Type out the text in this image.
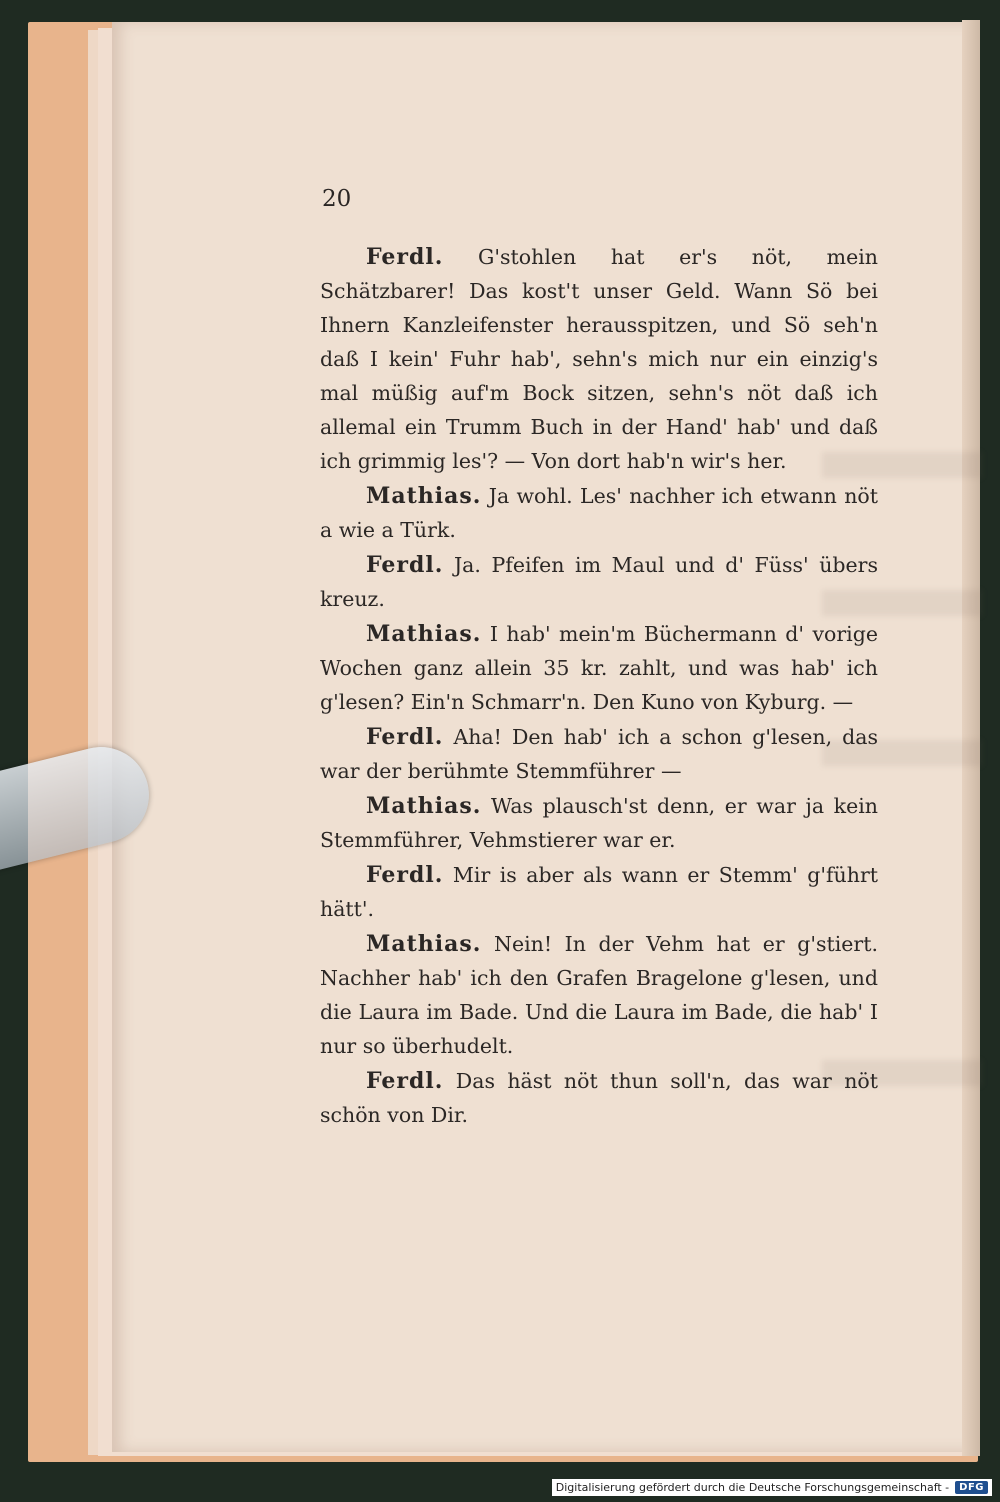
20

Ferdl. G'stohlen hat er's nöt, mein Schätzbarer! Das kost't unser Geld. Wann Sö bei Ihnern Kanzleifenster herausspitzen, und Sö seh'n daß I kein' Fuhr hab', sehn's mich nur ein einzig's mal müßig auf'm Bock sitzen, sehn's nöt daß ich allemal ein Trumm Buch in der Hand' hab' und daß ich grimmig les'? — Von dort hab'n wir's her.

Mathias. Ja wohl. Les' nachher ich etwann nöt a wie a Türk.

Ferdl. Ja. Pfeifen im Maul und d' Füss' übers kreuz.

Mathias. I hab' mein'm Büchermann d' vorige Wochen ganz allein 35 kr. zahlt, und was hab' ich g'lesen? Ein'n Schmarr'n. Den Kuno von Kyburg. —

Ferdl. Aha! Den hab' ich a schon g'lesen, das war der berühmte Stemmführer —

Mathias. Was plausch'st denn, er war ja kein Stemmführer, Vehmstierer war er.

Ferdl. Mir is aber als wann er Stemm' g'führt hätt'.

Mathias. Nein! In der Vehm hat er g'stiert. Nachher hab' ich den Grafen Bragelone g'lesen, und die Laura im Bade. Und die Laura im Bade, die hab' I nur so überhudelt.

Ferdl. Das häst nöt thun soll'n, das war nöt schön von Dir.

Digitalisierung gefördert durch die Deutsche Forschungsgemeinschaft -	DFG
